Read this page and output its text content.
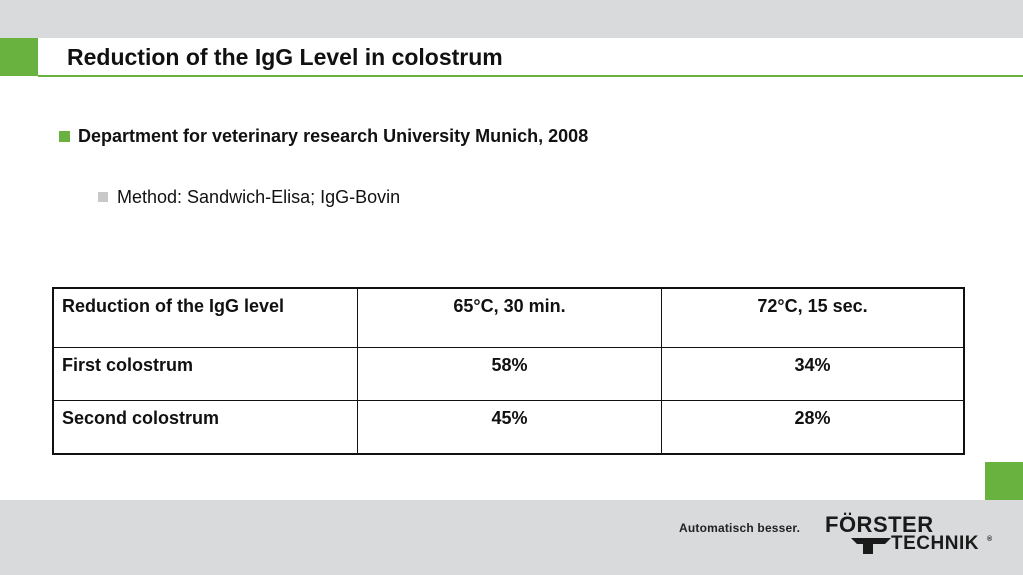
Reduction of the IgG Level in colostrum
Department for veterinary research University Munich, 2008
Method: Sandwich-Elisa; IgG-Bovin
Reduction of the IgG level	65°C, 30 min.	72°C, 15 sec.
First colostrum	58%	34%
Second colostrum	45%	28%
Automatisch besser. FÖRSTER
TECHNIK ®
